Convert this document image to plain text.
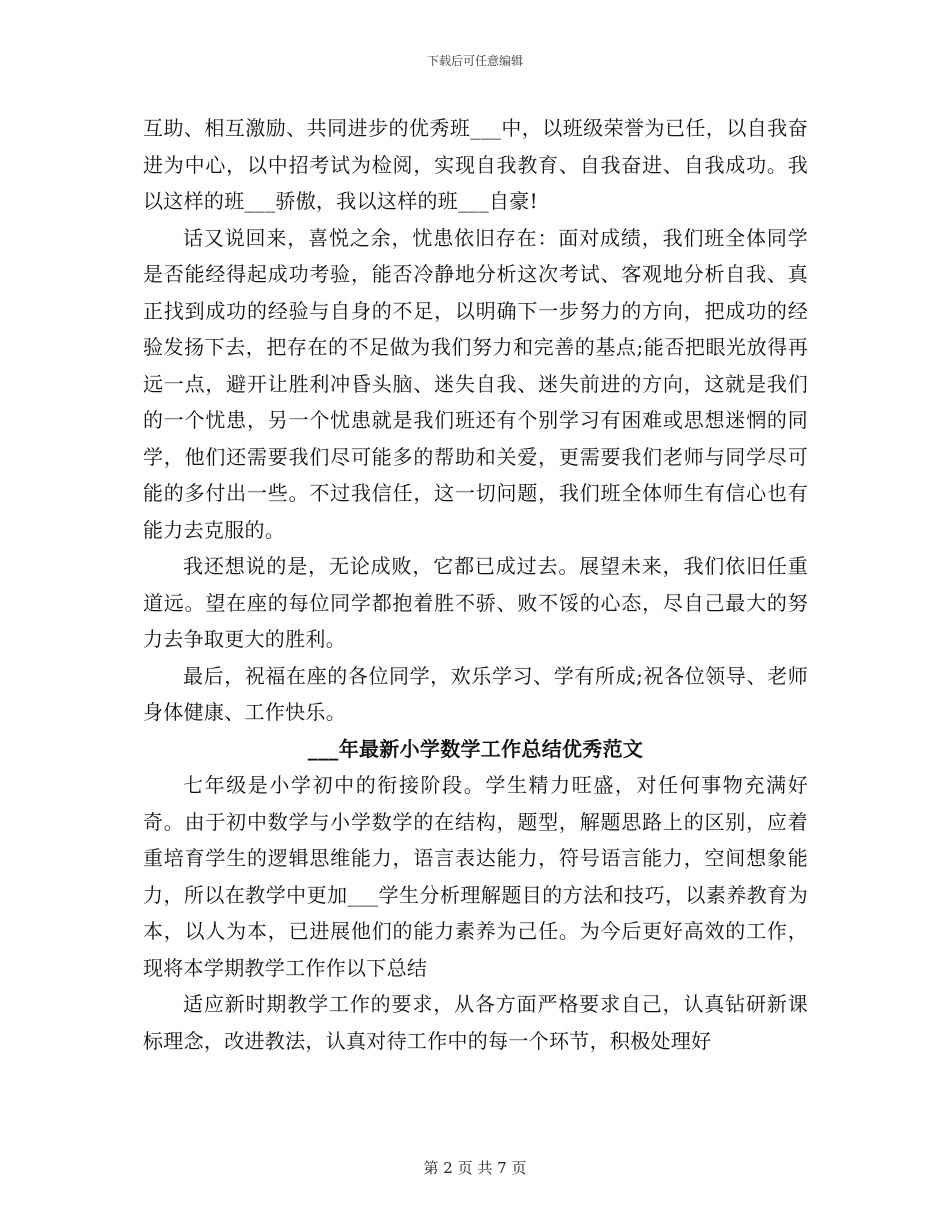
下载后可任意编辑

互助、相互激励、共同进步的优秀班___中，以班级荣誉为已任，以自我奋进为中心，以中招考试为检阅，实现自我教育、自我奋进、自我成功。我以这样的班___骄傲，我以这样的班___自豪!

话又说回来，喜悦之余，忧患依旧存在：面对成绩，我们班全体同学是否能经得起成功考验，能否冷静地分析这次考试、客观地分析自我、真正找到成功的经验与自身的不足，以明确下一步努力的方向，把成功的经验发扬下去，把存在的不足做为我们努力和完善的基点;能否把眼光放得再远一点，避开让胜利冲昏头脑、迷失自我、迷失前进的方向，这就是我们的一个忧患，另一个忧患就是我们班还有个别学习有困难或思想迷惘的同学，他们还需要我们尽可能多的帮助和关爱，更需要我们老师与同学尽可能的多付出一些。不过我信任，这一切问题，我们班全体师生有信心也有能力去克服的。

我还想说的是，无论成败，它都已成过去。展望未来，我们依旧任重道远。望在座的每位同学都抱着胜不骄、败不馁的心态，尽自己最大的努力去争取更大的胜利。

最后，祝福在座的各位同学，欢乐学习、学有所成;祝各位领导、老师身体健康、工作快乐。

___年最新小学数学工作总结优秀范文

七年级是小学初中的衔接阶段。学生精力旺盛，对任何事物充满好奇。由于初中数学与小学数学的在结构，题型，解题思路上的区别，应着重培育学生的逻辑思维能力，语言表达能力，符号语言能力，空间想象能力，所以在教学中更加___学生分析理解题目的方法和技巧，以素养教育为本，以人为本，已进展他们的能力素养为己任。为今后更好高效的工作，现将本学期教学工作作以下总结

适应新时期教学工作的要求，从各方面严格要求自己，认真钻研新课标理念，改进教法，认真对待工作中的每一个环节，积极处理好

第 2 页 共 7 页
